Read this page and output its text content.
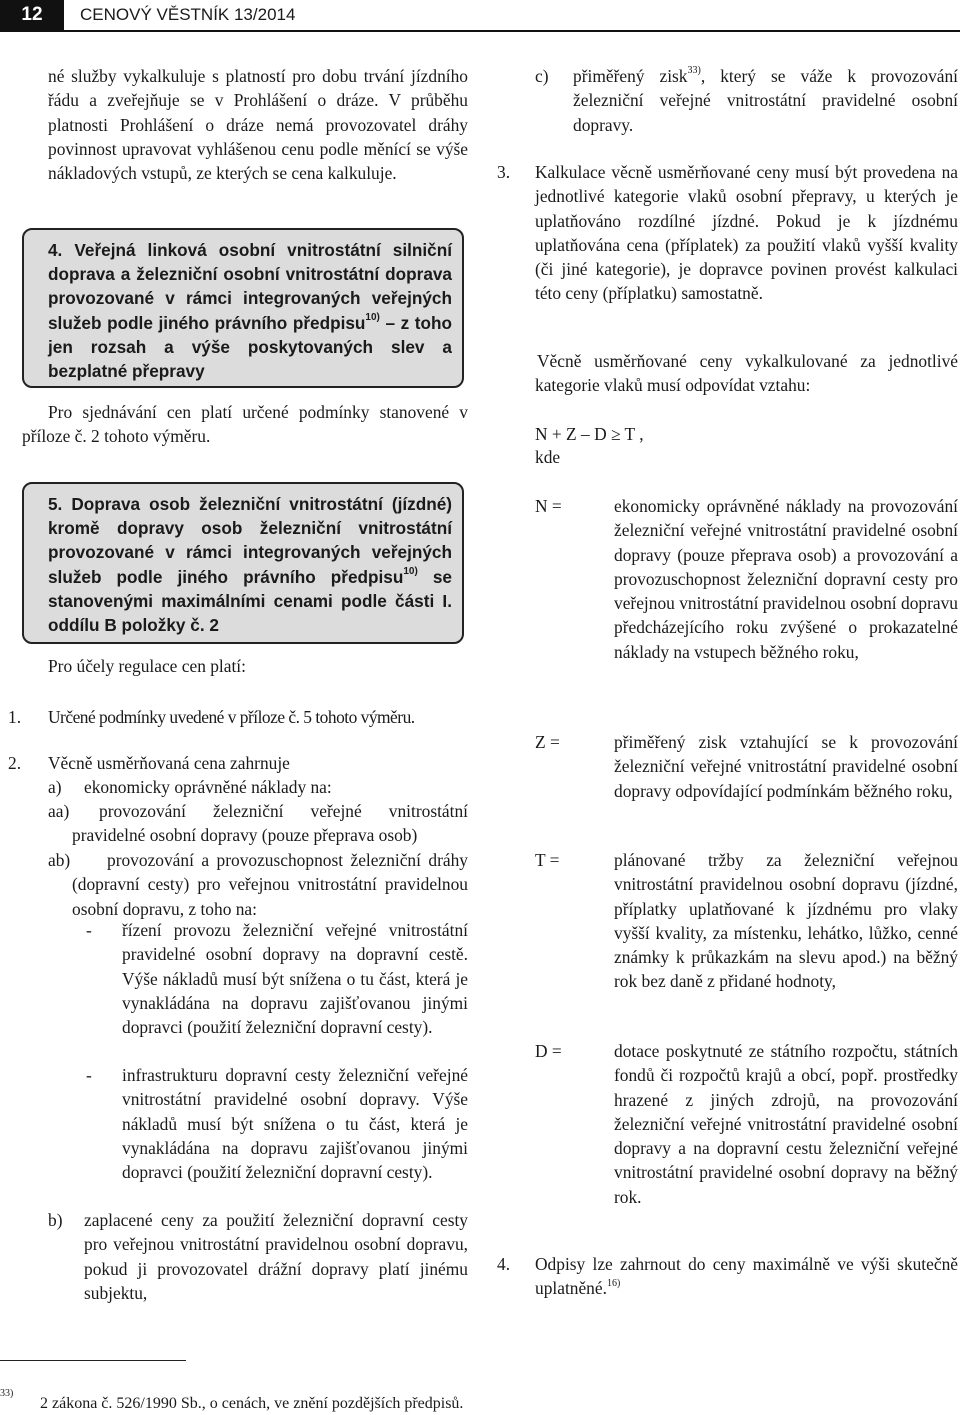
12	CENOVÝ VĚSTNÍK 13/2014

né služby vykalkuluje s platností pro dobu trvání jízdního řádu a zveřejňuje se v Prohlášení o dráze. V průběhu platnosti Prohlášení o dráze nemá provozovatel dráhy povinnost upravovat vyhlášenou cenu podle měnící se výše nákladových vstupů, ze kterých se cena kalkuluje.

4. Veřejná linková osobní vnitrostátní silniční doprava a železniční osobní vnitrostátní doprava provozované v rámci integrovaných veřejných služeb podle jiného právního předpisu$^{10)}$ – z toho jen rozsah a výše poskytovaných slev a bezplatné přepravy

Pro sjednávání cen platí určené podmínky stanovené v příloze č. 2 tohoto výměru.

5. Doprava osob železniční vnitrostátní (jízdné) kromě dopravy osob železniční vnitrostátní provozované v rámci integrovaných veřejných služeb podle jiného právního předpisu$^{10)}$ se stanovenými maximálními cenami podle části I. oddílu B položky č. 2

Pro účely regulace cen platí:

1. Určené podmínky uvedené v příloze č. 5 tohoto výměru.
2. Věcně usměrňovaná cena zahrnuje
a) ekonomicky oprávněné náklady na:
aa)	provozování železniční veřejné vnitrostátní pravidelné osobní dopravy (pouze přeprava osob)

ab)	provozování a provozuschopnost železniční dráhy (dopravní cesty) pro veřejnou vnitrostátní pravidelnou osobní dopravu, z toho na:

- řízení provozu železniční veřejné vnitrostátní pravidelné osobní dopravy na dopravní cestě. Výše nákladů musí být snížena o tu část, která je vynakládána na dopravu zajišťovanou jinými dopravci (použití železniční dopravní cesty).

- infrastrukturu dopravní cesty železniční veřejné vnitrostátní pravidelné osobní dopravy. Výše nákladů musí být snížena o tu část, která je vynakládána na dopravu zajišťovanou jinými dopravci (použití železniční dopravní cesty).

b) zaplacené ceny za použití železniční dopravní cesty pro veřejnou vnitrostátní pravidelnou osobní dopravu, pokud ji provozovatel drážní dopravy platí jinému subjektu,

c) přiměřený zisk$^{33)}$, který se váže k provozování železniční veřejné vnitrostátní pravidelné osobní dopravy.

3. Kalkulace věcně usměrňované ceny musí být provedena na jednotlivé kategorie vlaků osobní přepravy, u kterých je uplatňováno rozdílné jízdné. Pokud je k jízdnému uplatňována cena (příplatek) za použití vlaků vyšší kvality (či jiné kategorie), je dopravce povinen provést kalkulaci této ceny (příplatku) samostatně.

Věcně usměrňované ceny vykalkulované za jednotlivé kategorie vlaků musí odpovídat vztahu:

N + Z – D ≥ T ,
kde
N =	ekonomicky oprávněné náklady na provozování železniční veřejné vnitrostátní pravidelné osobní dopravy (pouze přeprava osob) a provozování a provozuschopnost železniční dopravní cesty pro veřejnou vnitrostátní pravidelnou osobní dopravu předcházejícího roku zvýšené o prokazatelné náklady na vstupech běžného roku,

Z =	přiměřený zisk vztahující se k provozování železniční veřejné vnitrostátní pravidelné osobní dopravy odpovídající podmínkám běžného roku,

T =	plánované tržby za železniční veřejnou vnitrostátní pravidelnou osobní dopravu (jízdné, příplatky uplatňované k jízdnému pro vlaky vyšší kvality, za místenku, lehátko, lůžko, cenné známky k průkazkám na slevu apod.) na běžný rok bez daně z přidané hodnoty,

D =	dotace poskytnuté ze státního rozpočtu, státních fondů či rozpočtů krajů a obcí, popř. prostředky hrazené z jiných zdrojů, na provozování železniční veřejné vnitrostátní pravidelné osobní dopravy a na dopravní cestu železniční veřejné vnitrostátní pravidelné osobní dopravy na běžný rok.

4. Odpisy lze zahrnout do ceny maximálně ve výši skutečně uplatněné.$^{16)}$

33)
2 zákona č. 526/1990 Sb., o cenách, ve znění pozdějších předpisů.
